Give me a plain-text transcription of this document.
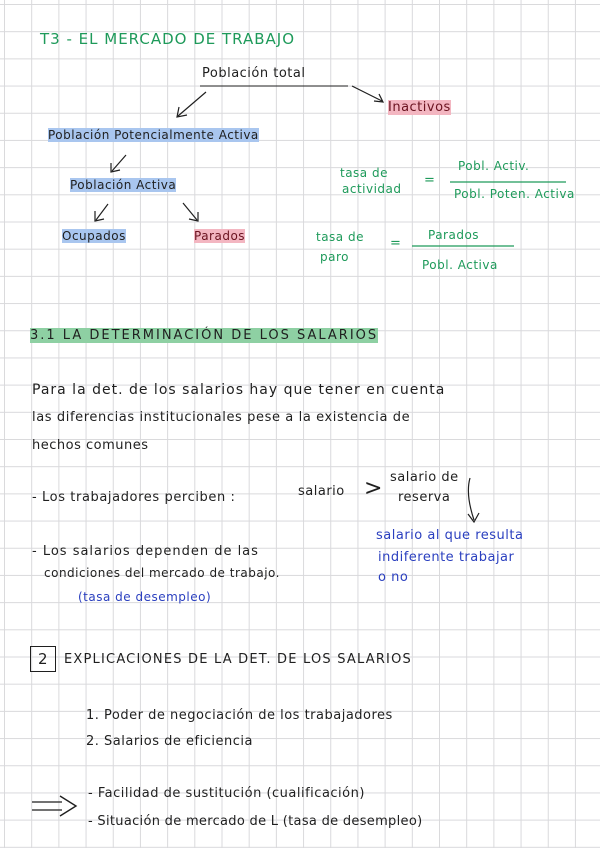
T3 - EL MERCADO DE TRABAJO
Población total
Inactivos
Población Potencialmente Activa
Población Activa
Ocupados	Parados
tasa de
actividad
=
Pobl. Activ.
Pobl. Poten. Activa
tasa de
paro
=
Parados
Pobl. Activa
3.1 LA DETERMINACIÓN DE LOS SALARIOS
Para la det. de los salarios hay que tener en cuenta
las diferencias institucionales pese a la existencia de
hechos comunes
- Los trabajadores perciben :	salario > salario de
reserva
salario al que resulta
indiferente trabajar
o no
- Los salarios dependen de las
condiciones del mercado de trabajo.
(tasa de desempleo)
2	EXPLICACIONES DE LA DET. DE LOS SALARIOS
1. Poder de negociación de los trabajadores
2. Salarios de eficiencia
- Facilidad de sustitución (cualificación)
- Situación de mercado de L (tasa de desempleo)
